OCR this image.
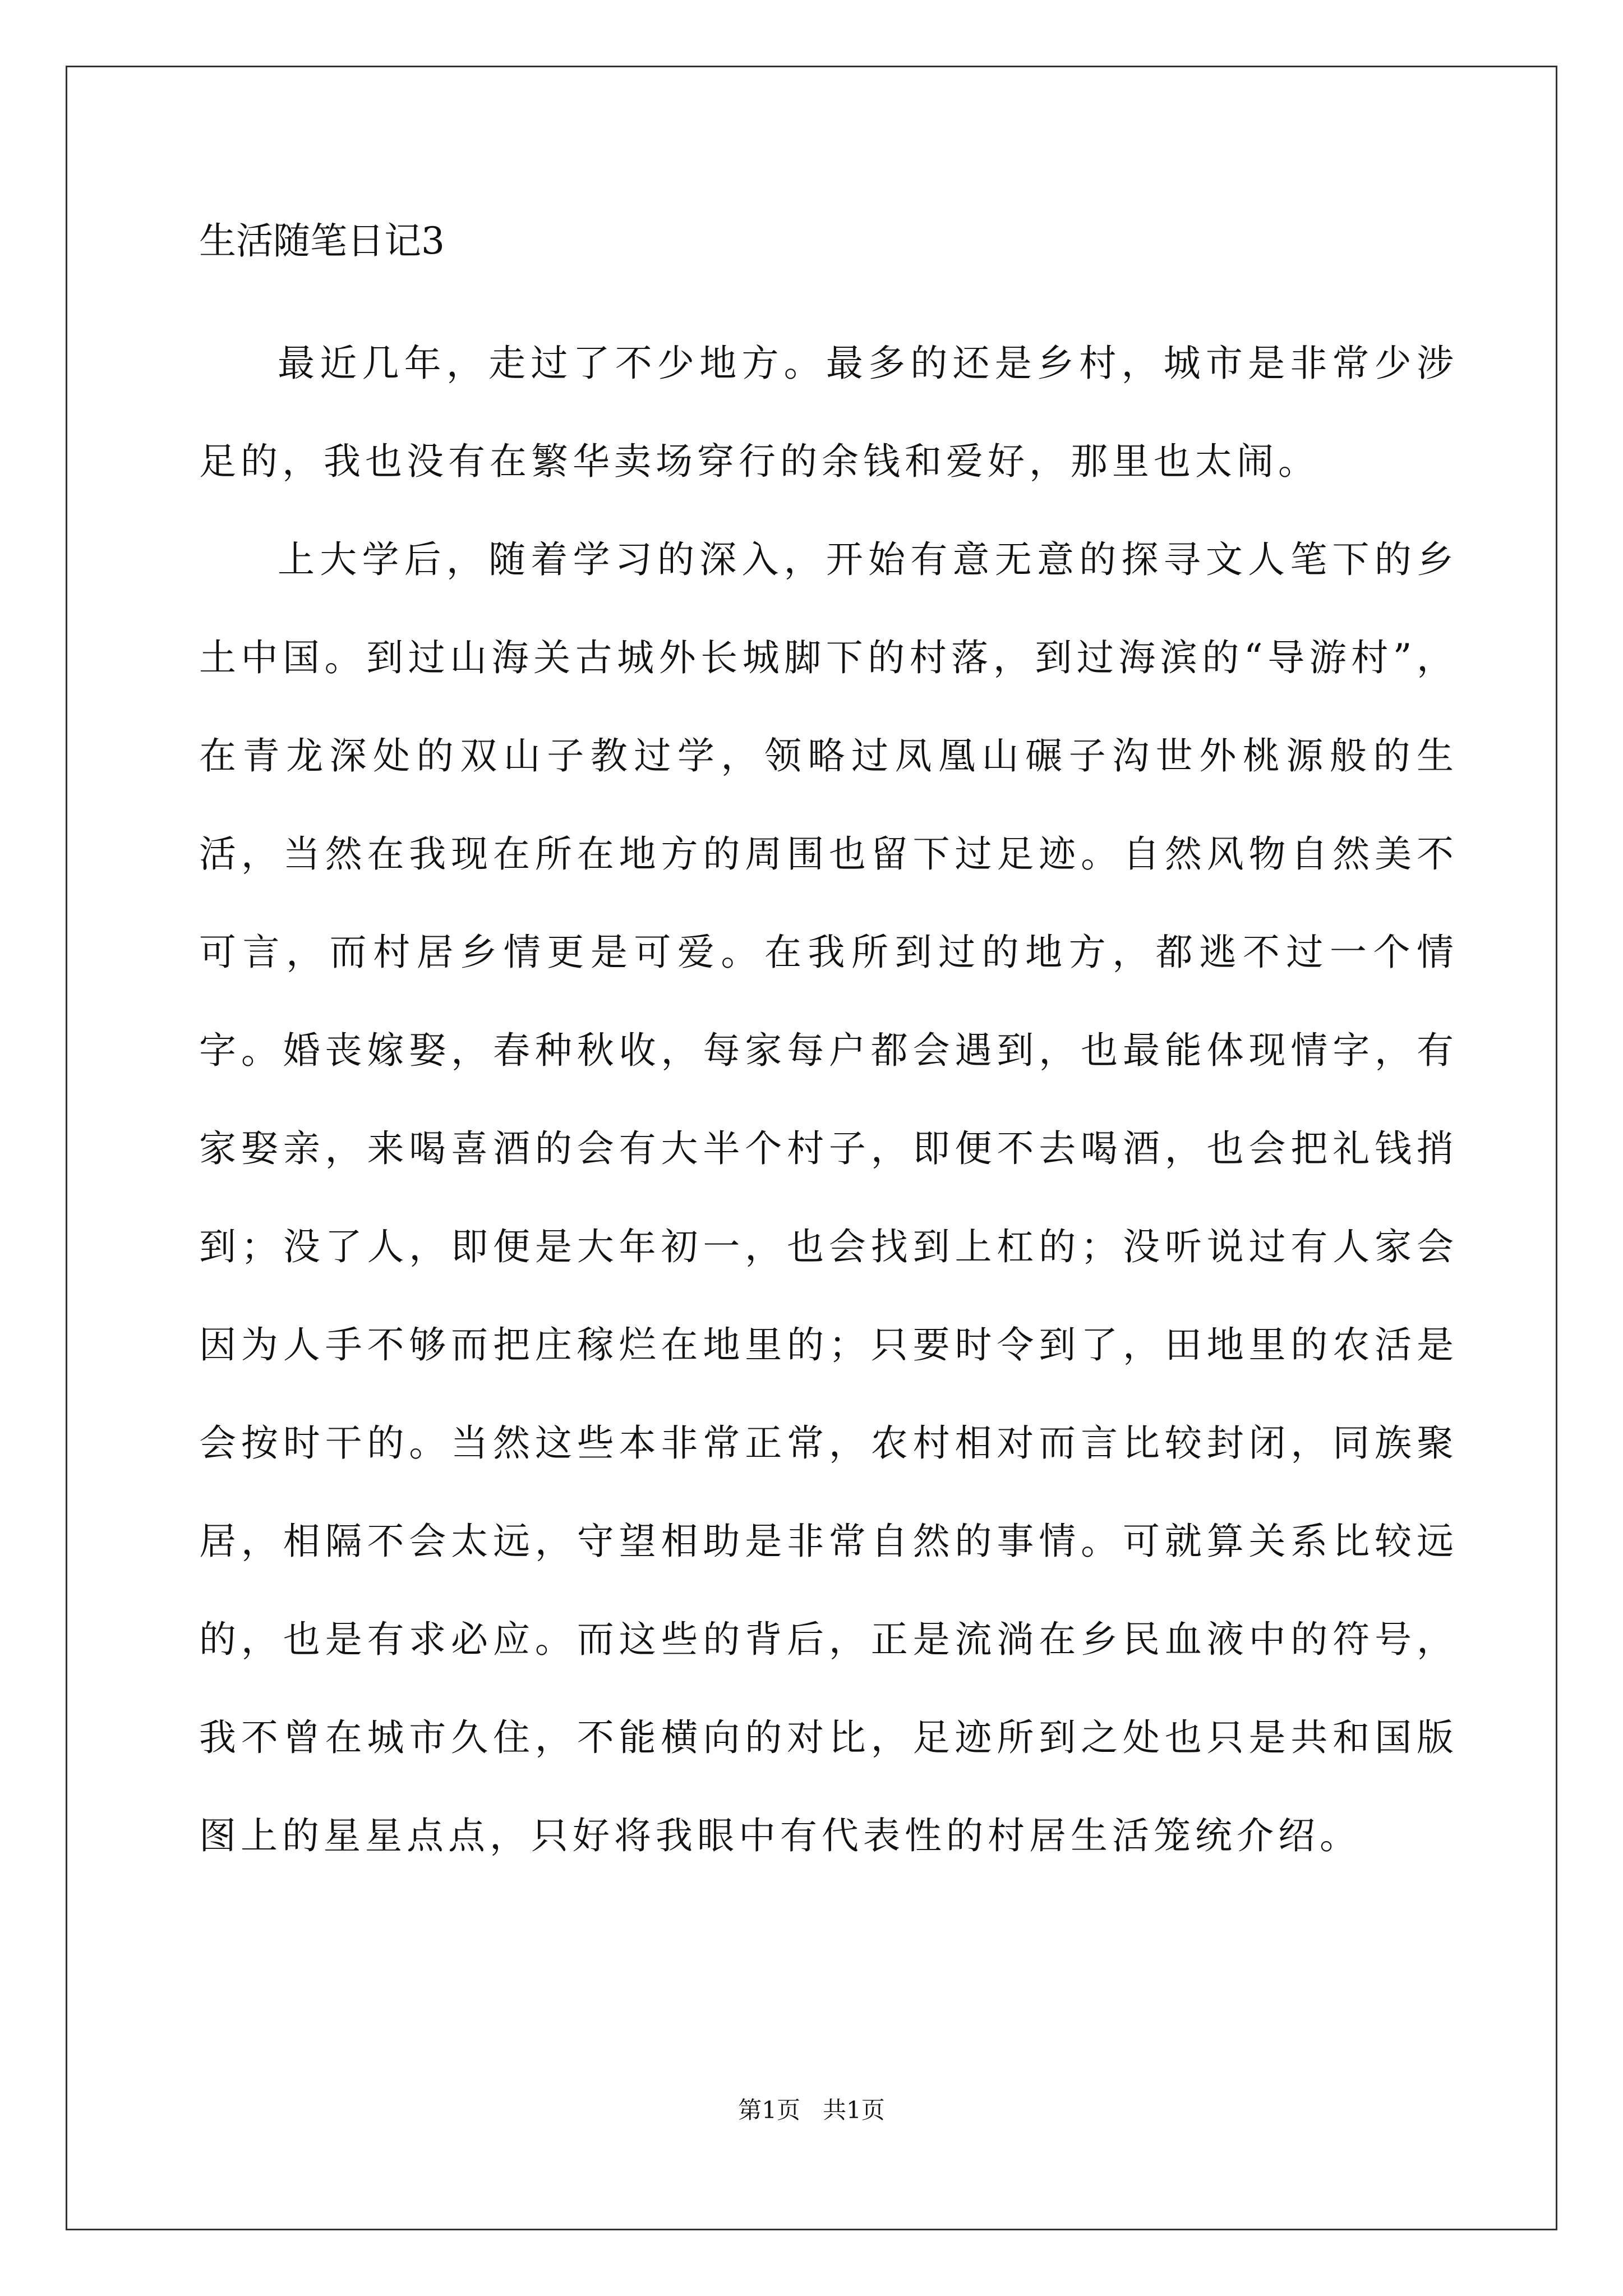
生活随笔日记3

最近几年，走过了不少地方。最多的还是乡村，城市是非常少涉足的，我也没有在繁华卖场穿行的余钱和爱好，那里也太闹。

上大学后，随着学习的深入，开始有意无意的探寻文人笔下的乡土中国。到过山海关古城外长城脚下的村落，到过海滨的“导游村”，在青龙深处的双山子教过学，领略过凤凰山碾子沟世外桃源般的生活，当然在我现在所在地方的周围也留下过足迹。自然风物自然美不可言，而村居乡情更是可爱。在我所到过的地方，都逃不过一个情字。婚丧嫁娶，春种秋收，每家每户都会遇到，也最能体现情字，有家娶亲，来喝喜酒的会有大半个村子，即便不去喝酒，也会把礼钱捎到；没了人，即便是大年初一，也会找到上杠的；没听说过有人家会因为人手不够而把庄稼烂在地里的；只要时令到了，田地里的农活是会按时干的。当然这些本非常正常，农村相对而言比较封闭，同族聚居，相隔不会太远，守望相助是非常自然的事情。可就算关系比较远的，也是有求必应。而这些的背后，正是流淌在乡民血液中的符号，我不曾在城市久住，不能横向的对比，足迹所到之处也只是共和国版图上的星星点点，只好将我眼中有代表性的村居生活笼统介绍。

第1页   共1页
